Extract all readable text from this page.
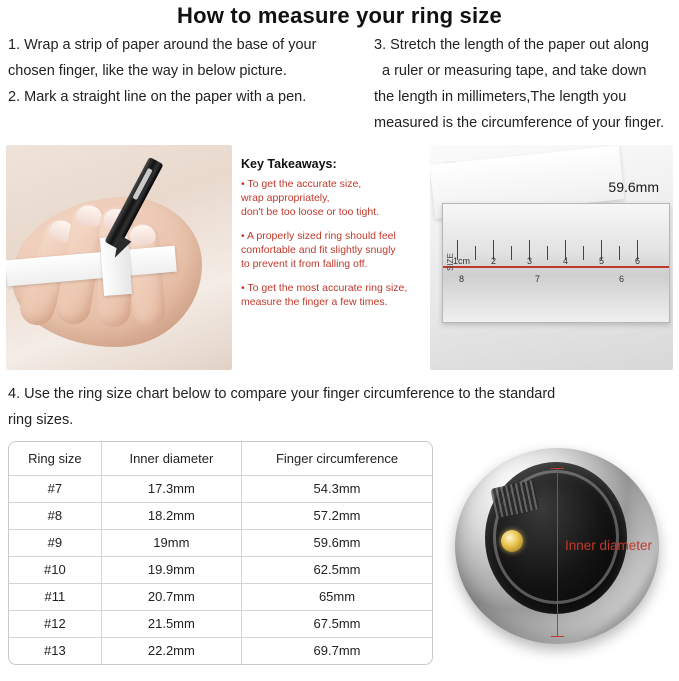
How to measure your ring size
1. Wrap a strip of paper around the base of your
chosen finger, like the way in below picture.
2. Mark a straight line on the paper with a pen.
3. Stretch the length of the paper out along
a ruler or measuring tape, and take down
the length in millimeters,The length you
measured is the circumference of your finger.
Key Takeaways:
• To get the accurate size,
wrap appropriately,
don't be too loose or too tight.
• A properly sized ring should feel
comfortable and fit slightly snugly
to prevent it from falling off.
• To get the most accurate ring size,
measure the finger a few times.
1cm 2	3	4	5	6
8	7	6
SIZE
59.6mm
4. Use the ring size chart below to compare your finger circumference to the standard ring sizes.
Ring size	Inner diameter	Finger circumference
#7	17.3mm	54.3mm
#8	18.2mm	57.2mm
#9	19mm	59.6mm
#10	19.9mm	62.5mm
#11	20.7mm	65mm
#12	21.5mm	67.5mm
#13	22.2mm	69.7mm
Inner diameter
